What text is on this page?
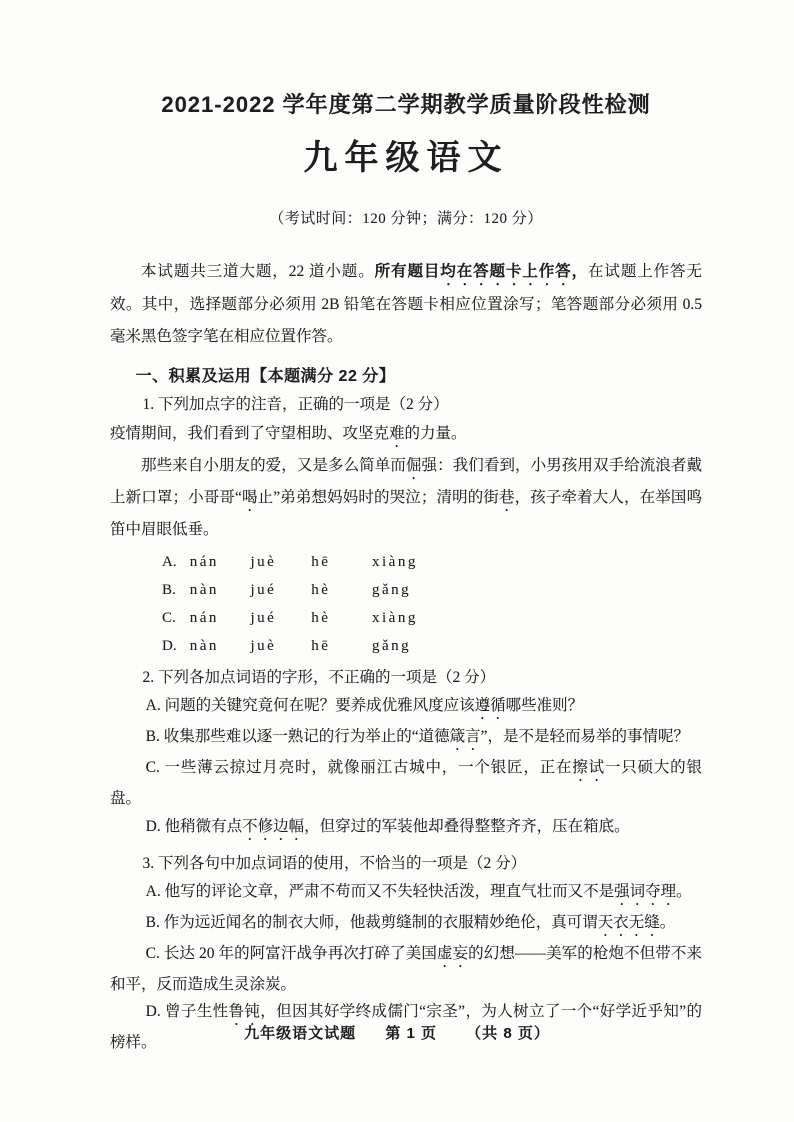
2021-2022 学年度第二学期教学质量阶段性检测
九年级语文

（考试时间：120 分钟；满分：120 分）

本试题共三道大题，22 道小题。所有题目均在答题卡上作答，在试题上作答无效。其中，选择题部分必须用 2B 铅笔在答题卡相应位置涂写；笔答题部分必须用 0.5 毫米黑色签字笔在相应位置作答。

一、积累及运用【本题满分 22 分】

1. 下列加点字的注音，正确的一项是（2 分）

疫情期间，我们看到了守望相助、攻坚克难的力量。

那些来自小朋友的爱，又是多么简单而倔强：我们看到，小男孩用双手给流浪者戴上新口罩；小哥哥“喝止”弟弟想妈妈时的哭泣；清明的街巷，孩子牵着大人，在举国鸣笛中眉眼低垂。

A. nán juè hē	xiàng
B. nàn jué hè	gǎng
C. nán jué hè	xiàng
D. nàn juè hē	gǎng

2. 下列各加点词语的字形，不正确的一项是（2 分）

A. 问题的关键究竟何在呢？要养成优雅风度应该遵循哪些准则？

B. 收集那些难以逐一熟记的行为举止的“道德箴言”，是不是轻而易举的事情呢？

C. 一些薄云掠过月亮时，就像丽江古城中，一个银匠，正在擦试一只硕大的银盘。

D. 他稍微有点不修边幅，但穿过的军装他却叠得整整齐齐，压在箱底。

3. 下列各句中加点词语的使用，不恰当的一项是（2 分）

A. 他写的评论文章，严肃不苟而又不失轻快活泼，理直气壮而又不是强词夺理。

B. 作为远近闻名的制衣大师，他裁剪缝制的衣服精妙绝伦，真可谓天衣无缝。

C. 长达 20 年的阿富汗战争再次打碎了美国虚妄的幻想——美军的枪炮不但带不来和平，反而造成生灵涂炭。

D. 曾子生性鲁钝，但因其好学终成儒门“宗圣”，为人树立了一个“好学近乎知”的榜样。

九年级语文试题 第 1 页 （共 8 页）
